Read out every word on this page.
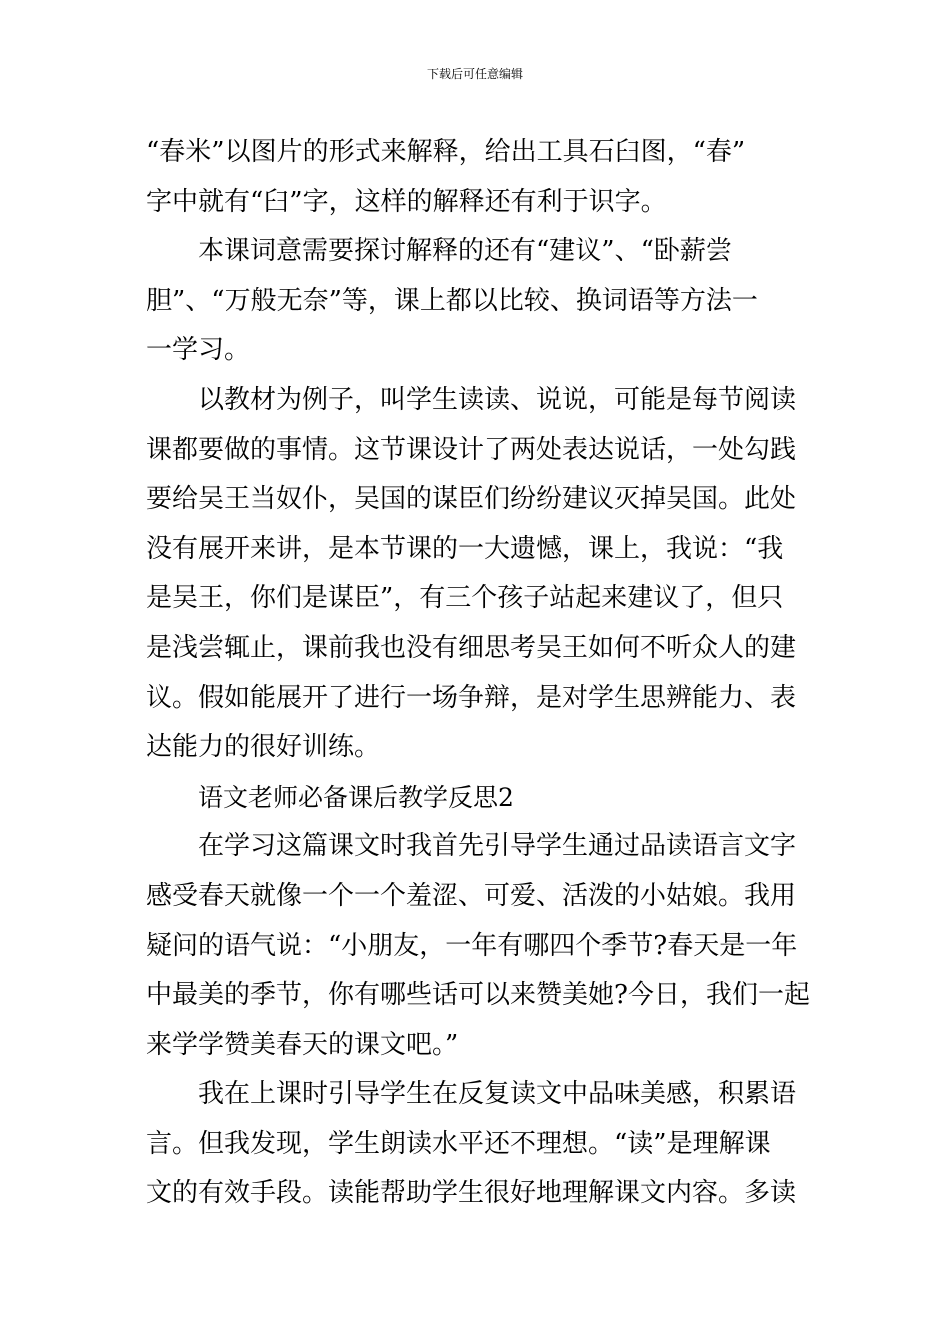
下载后可任意编辑
“春米”以图片的形式来解释，给出工具石臼图，“春”
字中就有“臼”字，这样的解释还有利于识字。
本课词意需要探讨解释的还有“建议”、“卧薪尝
胆”、“万般无奈”等，课上都以比较、换词语等方法一
一学习。
以教材为例子，叫学生读读、说说，可能是每节阅读
课都要做的事情。这节课设计了两处表达说话，一处勾践
要给吴王当奴仆，吴国的谋臣们纷纷建议灭掉吴国。此处
没有展开来讲，是本节课的一大遗憾，课上，我说：“我
是吴王，你们是谋臣”，有三个孩子站起来建议了，但只
是浅尝辄止，课前我也没有细思考吴王如何不听众人的建
议。假如能展开了进行一场争辩，是对学生思辨能力、表
达能力的很好训练。
语文老师必备课后教学反思2
在学习这篇课文时我首先引导学生通过品读语言文字
感受春天就像一个一个羞涩、可爱、活泼的小姑娘。我用
疑问的语气说：“小朋友，一年有哪四个季节?春天是一年
中最美的季节，你有哪些话可以来赞美她?今日，我们一起
来学学赞美春天的课文吧。”
我在上课时引导学生在反复读文中品味美感，积累语
言。但我发现，学生朗读水平还不理想。“读”是理解课
文的有效手段。读能帮助学生很好地理解课文内容。多读
